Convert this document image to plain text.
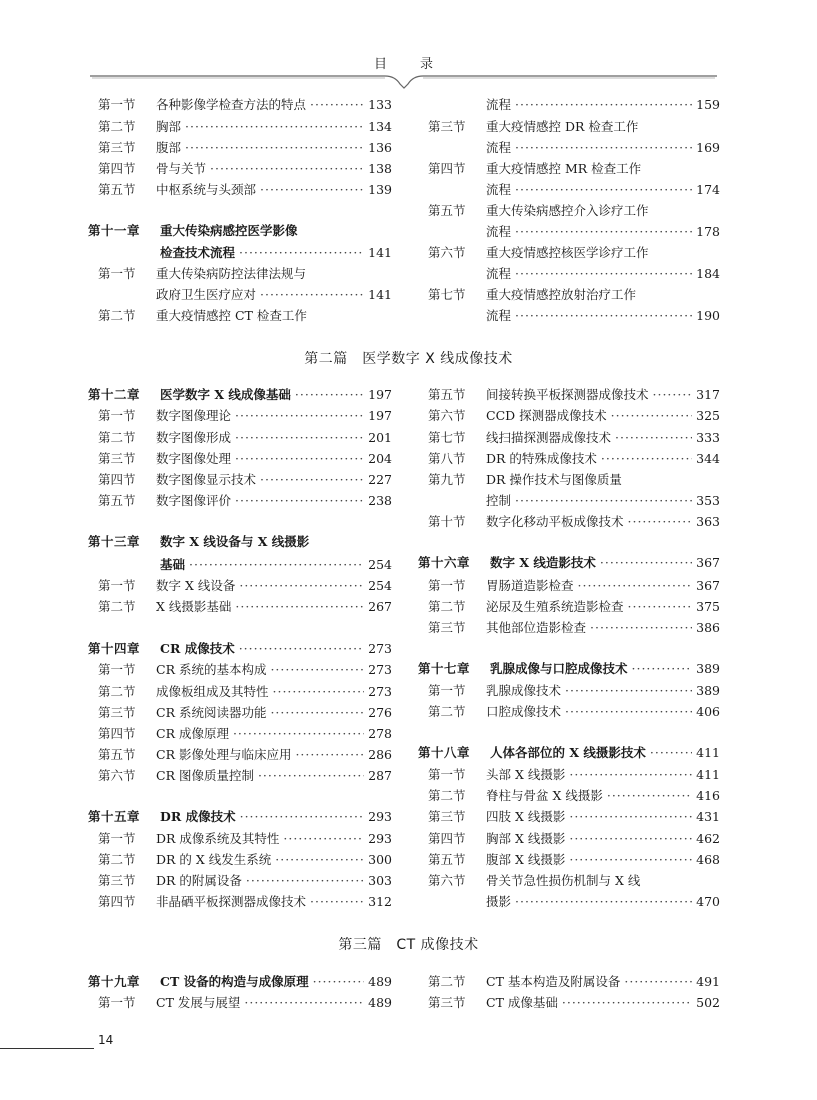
目　录
第一节	各种影像学检查方法的特点 ·····	133
第二节	胸部 ·····	134
第三节	腹部 ·····	136
第四节	骨与关节 ·····	138
第五节	中枢系统与头颈部 ·····	139
第十一章	重大传染病感控医学影像
检查技术流程 ·····	141
第一节	重大传染病防控法律法规与
政府卫生医疗应对 ·····	141
第二节	重大疫情感控 CT 检查工作
流程 ·····	159
第三节	重大疫情感控 DR 检查工作
流程 ·····	169
第四节	重大疫情感控 MR 检查工作
流程 ·····	174
第五节	重大传染病感控介入诊疗工作
流程 ·····	178
第六节	重大疫情感控核医学诊疗工作
流程 ·····	184
第七节	重大疫情感控放射治疗工作
流程 ·····	190
第二篇　医学数字 X 线成像技术
第十二章	医学数字 X 线成像基础 ·····	197
第一节	数字图像理论 ·····	197
第二节	数字图像形成 ·····	201
第三节	数字图像处理 ·····	204
第四节	数字图像显示技术 ·····	227
第五节	数字图像评价 ·····	238
第十三章	数字 X 线设备与 X 线摄影
基础 ·····	254
第一节	数字 X 线设备 ·····	254
第二节	X 线摄影基础 ·····	267
第十四章	CR 成像技术 ·····	273
第一节	CR 系统的基本构成 ·····	273
第二节	成像板组成及其特性 ·····	273
第三节	CR 系统阅读器功能 ·····	276
第四节	CR 成像原理 ·····	278
第五节	CR 影像处理与临床应用 ·····	286
第六节	CR 图像质量控制 ·····	287
第十五章	DR 成像技术 ·····	293
第一节	DR 成像系统及其特性 ·····	293
第二节	DR 的 X 线发生系统 ·····	300
第三节	DR 的附属设备 ·····	303
第四节	非晶硒平板探测器成像技术 ·····	312
第五节	间接转换平板探测器成像技术 ·····	317
第六节	CCD 探测器成像技术 ·····	325
第七节	线扫描探测器成像技术 ·····	333
第八节	DR 的特殊成像技术 ·····	344
第九节	DR 操作技术与图像质量
控制 ·····	353
第十节	数字化移动平板成像技术 ·····	363
第十六章	数字 X 线造影技术 ·····	367
第一节	胃肠道造影检查 ·····	367
第二节	泌尿及生殖系统造影检查 ·····	375
第三节	其他部位造影检查 ·····	386
第十七章	乳腺成像与口腔成像技术 ·····	389
第一节	乳腺成像技术 ·····	389
第二节	口腔成像技术 ·····	406
第十八章	人体各部位的 X 线摄影技术 ·····	411
第一节	头部 X 线摄影 ·····	411
第二节	脊柱与骨盆 X 线摄影 ·····	416
第三节	四肢 X 线摄影 ·····	431
第四节	胸部 X 线摄影 ·····	462
第五节	腹部 X 线摄影 ·····	468
第六节	骨关节急性损伤机制与 X 线
摄影 ·····	470
第三篇　CT 成像技术
第十九章	CT 设备的构造与成像原理 ·····	489
第一节	CT 发展与展望 ·····	489
第二节	CT 基本构造及附属设备 ·····	491
第三节	CT 成像基础 ·····	502
14
